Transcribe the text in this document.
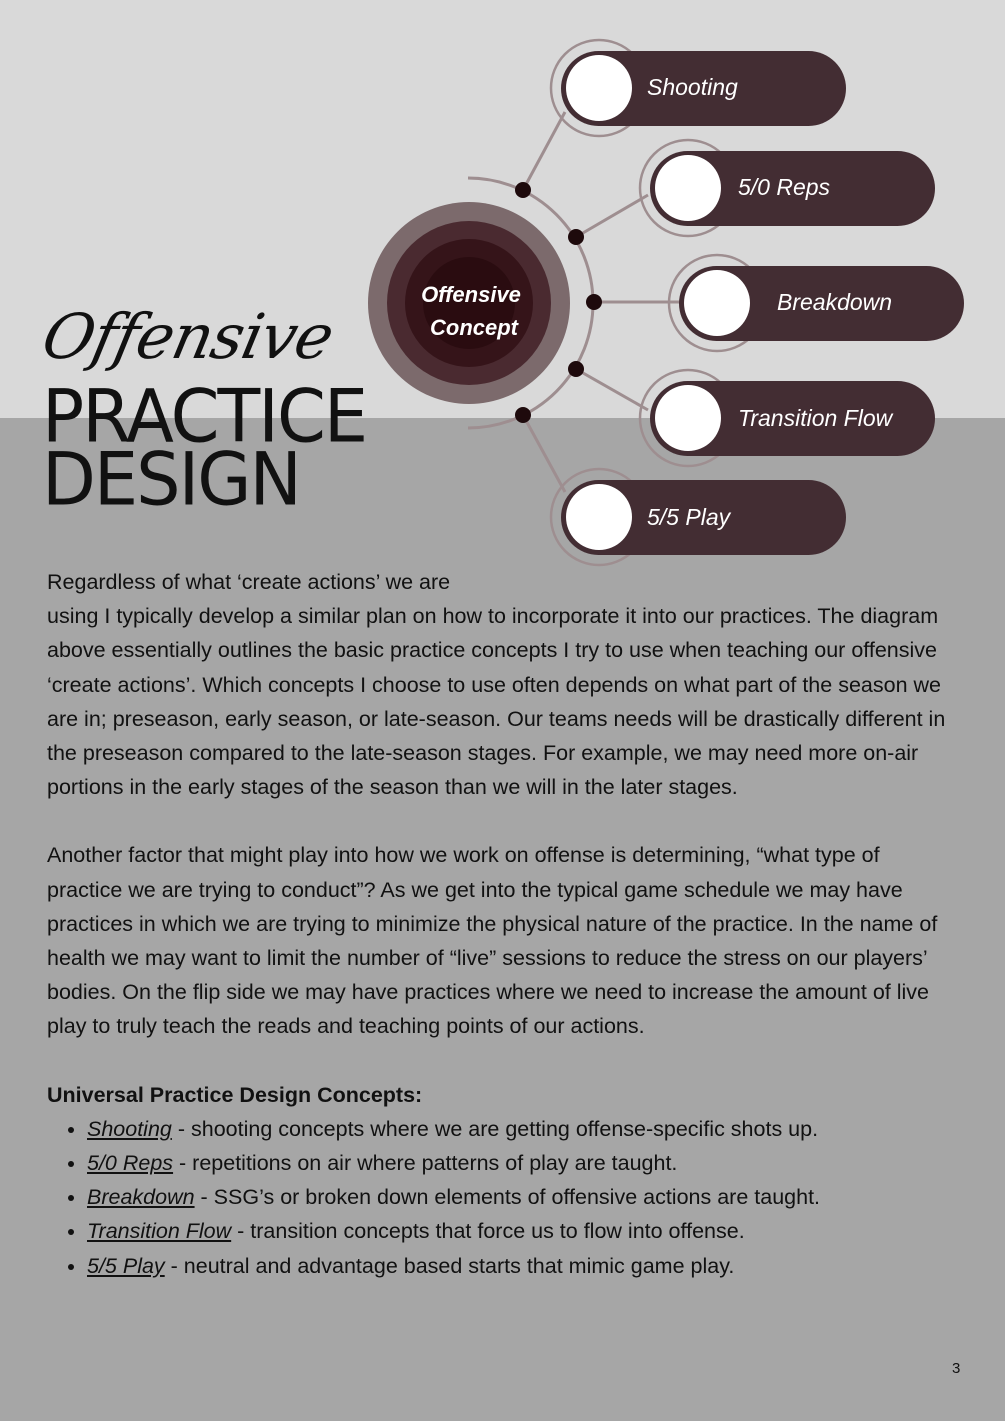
Offensive
Concept
Shooting
5/0 Reps
Breakdown
Transition Flow
5/5 Play
Offensive
PRACTICE
DESIGN

Regardless of what ‘create actions’ we are
using I typically develop a similar plan on how to incorporate it into our practices. The diagram above essentially outlines the basic practice concepts I try to use when teaching our offensive ‘create actions’. Which concepts I choose to use often depends on what part of the season we are in; preseason, early season, or late-season. Our teams needs will be drastically different in the preseason compared to the late-season stages. For example, we may need more on-air portions in the early stages of the season than we will in the later stages.

Another factor that might play into how we work on offense is determining, “what type of practice we are trying to conduct”? As we get into the typical game schedule we may have practices in which we are trying to minimize the physical nature of the practice. In the name of health we may want to limit the number of “live” sessions to reduce the stress on our players’ bodies. On the flip side we may have practices where we need to increase the amount of live play to truly teach the reads and teaching points of our actions.

Universal Practice Design Concepts:

• Shooting - shooting concepts where we are getting offense-specific shots up.
• 5/0 Reps - repetitions on air where patterns of play are taught.
• Breakdown - SSG’s or broken down elements of offensive actions are taught.
• Transition Flow - transition concepts that force us to flow into offense.
• 5/5 Play - neutral and advantage based starts that mimic game play.
3
